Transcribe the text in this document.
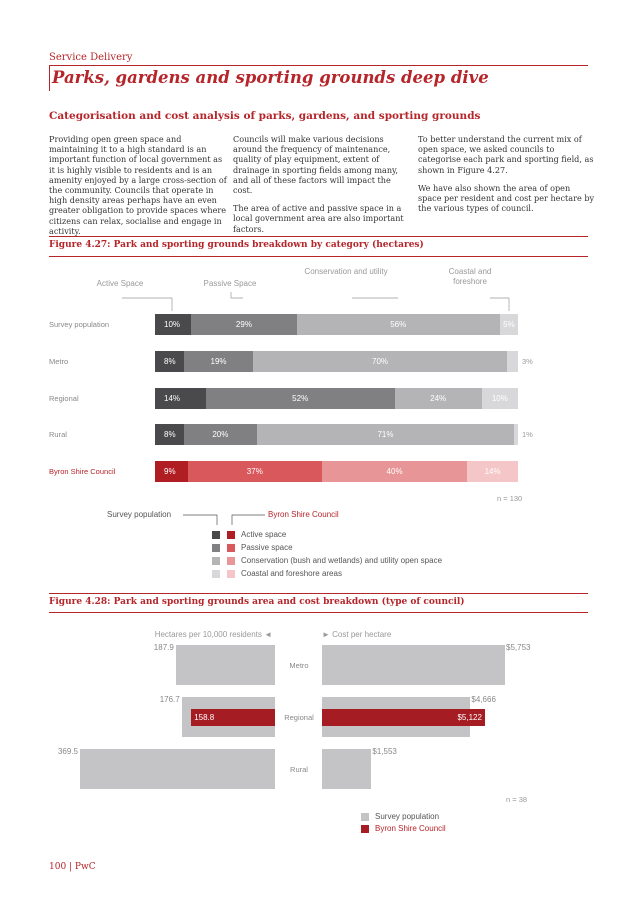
Service Delivery
Parks, gardens and sporting grounds deep dive
Categorisation and cost analysis of parks, gardens, and sporting grounds

Providing open green space and maintaining it to a high standard is an important function of local government as it is highly visible to residents and is an amenity enjoyed by a large cross-section of the community. Councils that operate in high density areas perhaps have an even greater obligation to provide spaces where citizens can relax, socialise and engage in activity.

Councils will make various decisions around the frequency of maintenance, quality of play equipment, extent of drainage in sporting fields among many, and all of these factors will impact the cost.

The area of active and passive space in a local government area are also important factors.

To better understand the current mix of open space, we asked councils to categorise each park and sporting field, as shown in Figure 4.27.

We have also shown the area of open space per resident and cost per hectare by the various types of council.

Figure 4.27: Park and sporting grounds breakdown by category (hectares)
Active Space	Passive Space
Conservation and utility	Coastal and foreshore
Survey population	10%	29%	56%	5%
Metro	8%	19%	70%	3%
Regional	14%	52%	24%	10%
Rural	8%	20%	71%	1%
Byron Shire Council	9%	37%	40%	14%
n = 130
Survey population	Byron Shire Council
Active space
Passive space
Conservation (bush and wetlands) and utility open space
Coastal and foreshore areas
Figure 4.28: Park and sporting grounds area and cost breakdown (type of council)
Hectares per 10,000 residents ◄	► Cost per hectare
187.9	$5,753
Metro
176.7	$4,666
Regional
158.8	$5,122
369.5	$1,553
Rural
n = 38
Survey population
Byron Shire Council
100 | PwC
